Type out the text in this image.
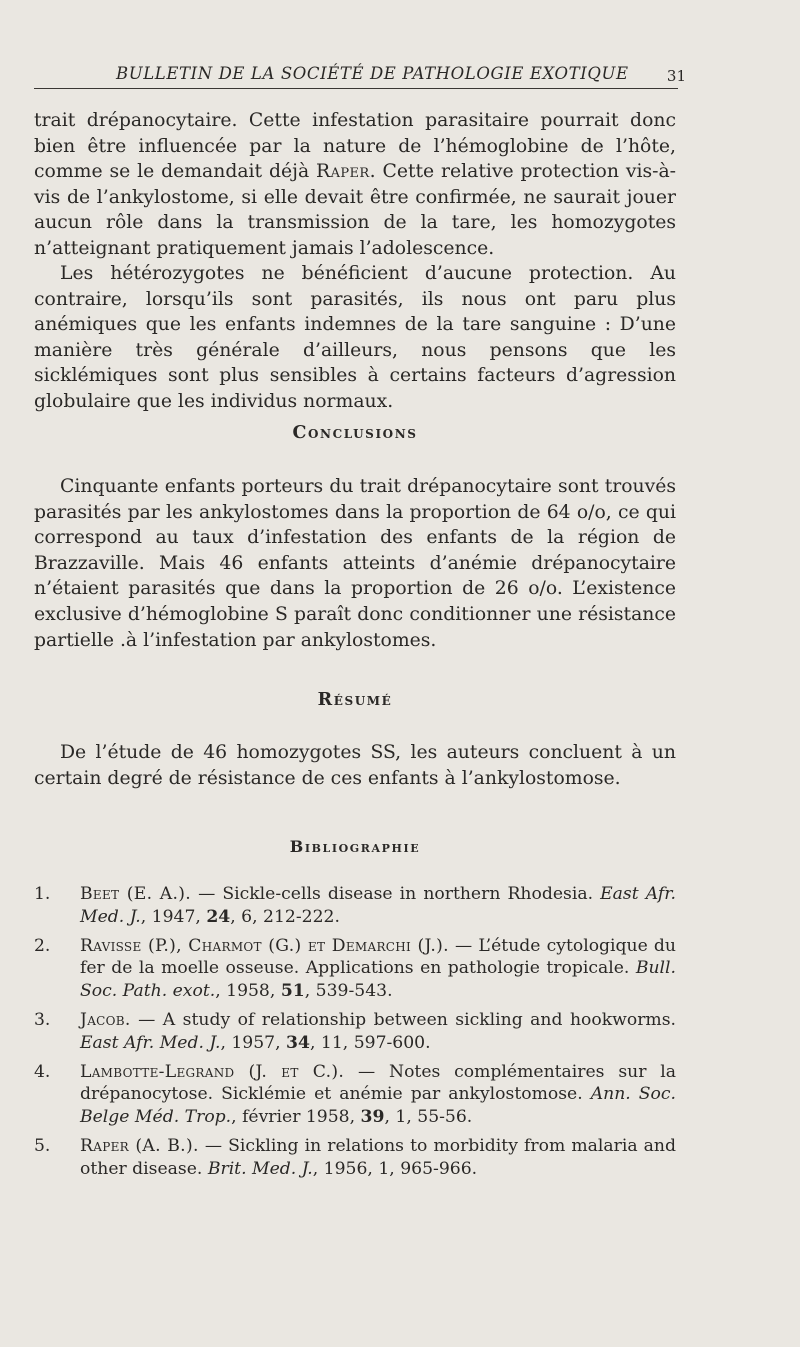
BULLETIN DE LA SOCIÉTÉ DE PATHOLOGIE EXOTIQUE	31

trait drépanocytaire. Cette infestation parasitaire pourrait donc bien être influencée par la nature de l’hémoglobine de l’hôte, comme se le demandait déjà Raper. Cette relative protection vis-à-vis de l’ankylostome, si elle devait être confirmée, ne saurait jouer aucun rôle dans la transmission de la tare, les homozygotes n’atteignant pratiquement jamais l’adolescence.

Les hétérozygotes ne bénéficient d’aucune protection. Au contraire, lorsqu’ils sont parasités, ils nous ont paru plus anémiques que les enfants indemnes de la tare sanguine : D’une manière très générale d’ailleurs, nous pensons que les sicklémiques sont plus sensibles à certains facteurs d’agression globulaire que les individus normaux.

Conclusions

Cinquante enfants porteurs du trait drépanocytaire sont trouvés parasités par les ankylostomes dans la proportion de 64 o/o, ce qui correspond au taux d’infestation des enfants de la région de Brazzaville. Mais 46 enfants atteints d’anémie drépanocytaire n’étaient parasités que dans la proportion de 26 o/o. L’existence exclusive d’hémoglobine S paraît donc conditionner une résistance partielle .à l’infestation par ankylostomes.

Résumé

De l’étude de 46 homozygotes SS, les auteurs concluent à un certain degré de résistance de ces enfants à l’ankylostomose.

Bibliographie
1. Beet (E. A.). — Sickle-cells disease in northern Rhodesia. East Afr. Med. J., 1947, 24, 6, 212-222.
2. Ravisse (P.), Charmot (G.) et Demarchi (J.). — L’étude cytologique du fer de la moelle osseuse. Applications en pathologie tropicale. Bull. Soc. Path. exot., 1958, 51, 539-543.
3. Jacob. — A study of relationship between sickling and hookworms. East Afr. Med. J., 1957, 34, 11, 597-600.
4. Lambotte-Legrand (J. et C.). — Notes complémentaires sur la drépanocytose. Sicklémie et anémie par ankylostomose. Ann. Soc. Belge Méd. Trop., février 1958, 39, 1, 55-56.
5. Raper (A. B.). — Sickling in relations to morbidity from malaria and other disease. Brit. Med. J., 1956, 1, 965-966.
